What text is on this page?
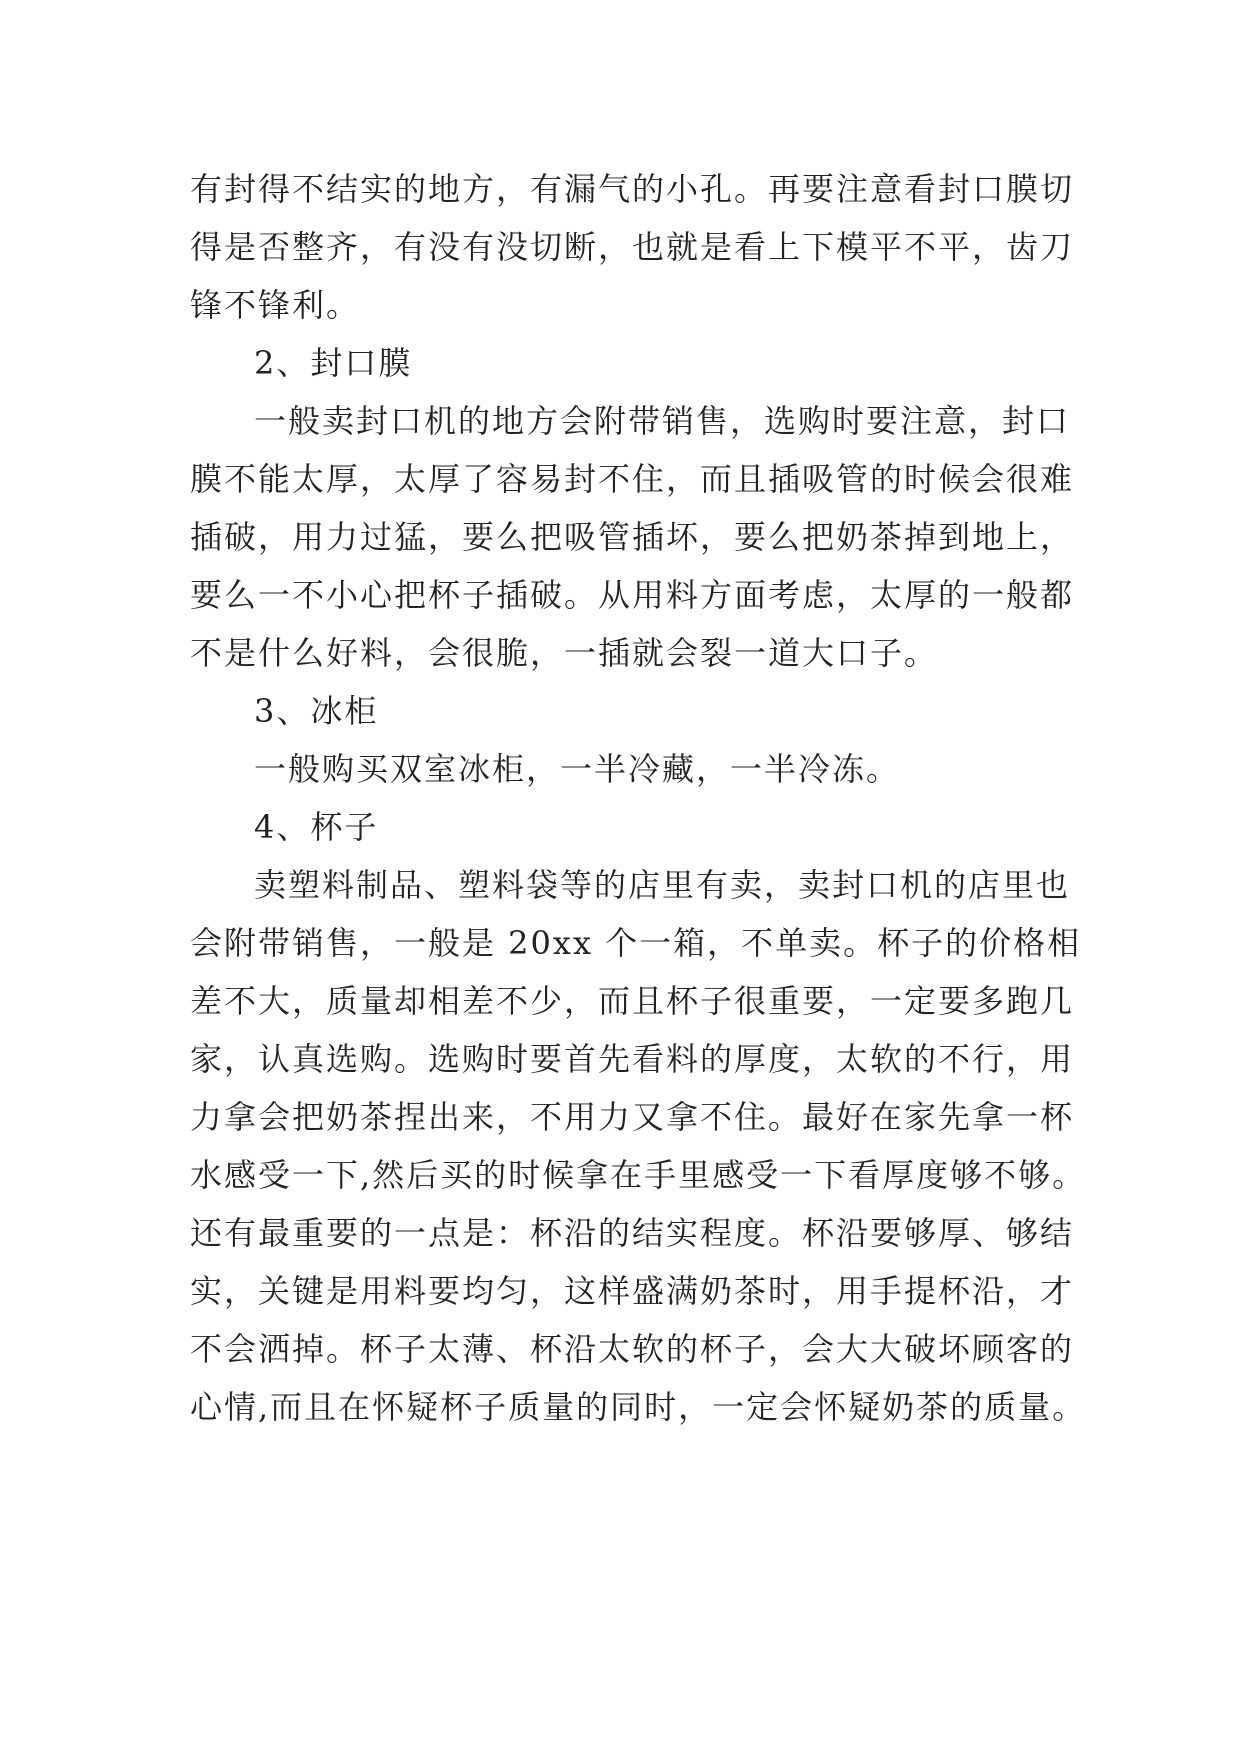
有封得不结实的地方，有漏气的小孔。再要注意看封口膜切
得是否整齐，有没有没切断，也就是看上下模平不平，齿刀
锋不锋利。
2、封口膜
一般卖封口机的地方会附带销售，选购时要注意，封口
膜不能太厚，太厚了容易封不住，而且插吸管的时候会很难
插破，用力过猛，要么把吸管插坏，要么把奶茶掉到地上，
要么一不小心把杯子插破。从用料方面考虑，太厚的一般都
不是什么好料，会很脆，一插就会裂一道大口子。
3、冰柜
一般购买双室冰柜，一半冷藏，一半冷冻。
4、杯子
卖塑料制品、塑料袋等的店里有卖，卖封口机的店里也
会附带销售，一般是 20xx 个一箱，不单卖。杯子的价格相
差不大，质量却相差不少，而且杯子很重要，一定要多跑几
家，认真选购。选购时要首先看料的厚度，太软的不行，用
力拿会把奶茶捏出来，不用力又拿不住。最好在家先拿一杯
水感受一下,然后买的时候拿在手里感受一下看厚度够不够。
还有最重要的一点是：杯沿的结实程度。杯沿要够厚、够结
实，关键是用料要均匀，这样盛满奶茶时，用手提杯沿，才
不会洒掉。杯子太薄、杯沿太软的杯子，会大大破坏顾客的
心情,而且在怀疑杯子质量的同时，一定会怀疑奶茶的质量。
